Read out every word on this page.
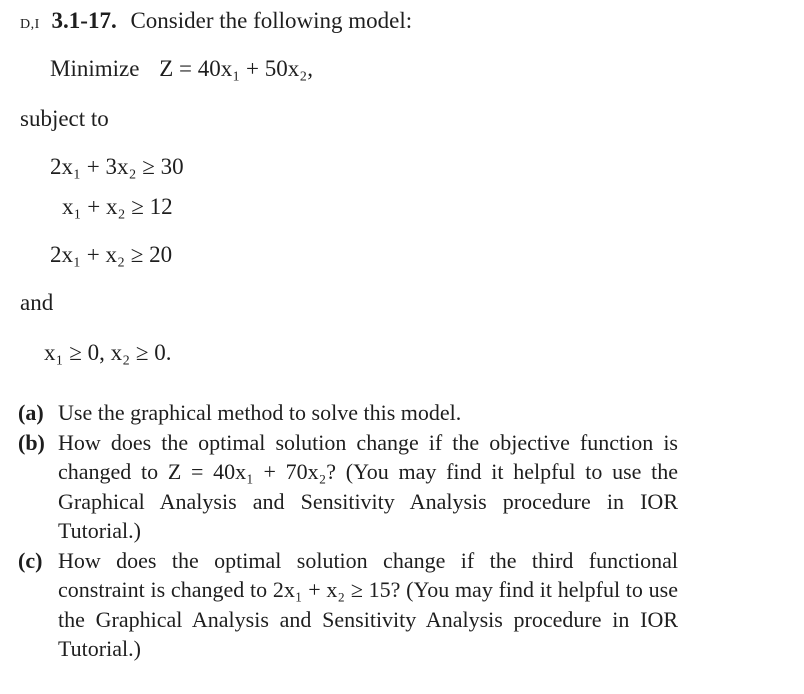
D,I 3.1-17. Consider the following model:
Minimize Z = 40x₁ + 50x₂,
subject to
2x₁ + 3x₂ ≥ 30
x₁ + x₂ ≥ 12
2x₁ + x₂ ≥ 20
and
x₁ ≥ 0, x₂ ≥ 0.
(a) Use the graphical method to solve this model.
(b) How does the optimal solution change if the objective function is changed to Z = 40x₁ + 70x₂? (You may find it helpful to use the Graphical Analysis and Sensitivity Analysis procedure in IOR Tutorial.)
(c) How does the optimal solution change if the third functional constraint is changed to 2x₁ + x₂ ≥ 15? (You may find it helpful to use the Graphical Analysis and Sensitivity Analysis procedure in IOR Tutorial.)
